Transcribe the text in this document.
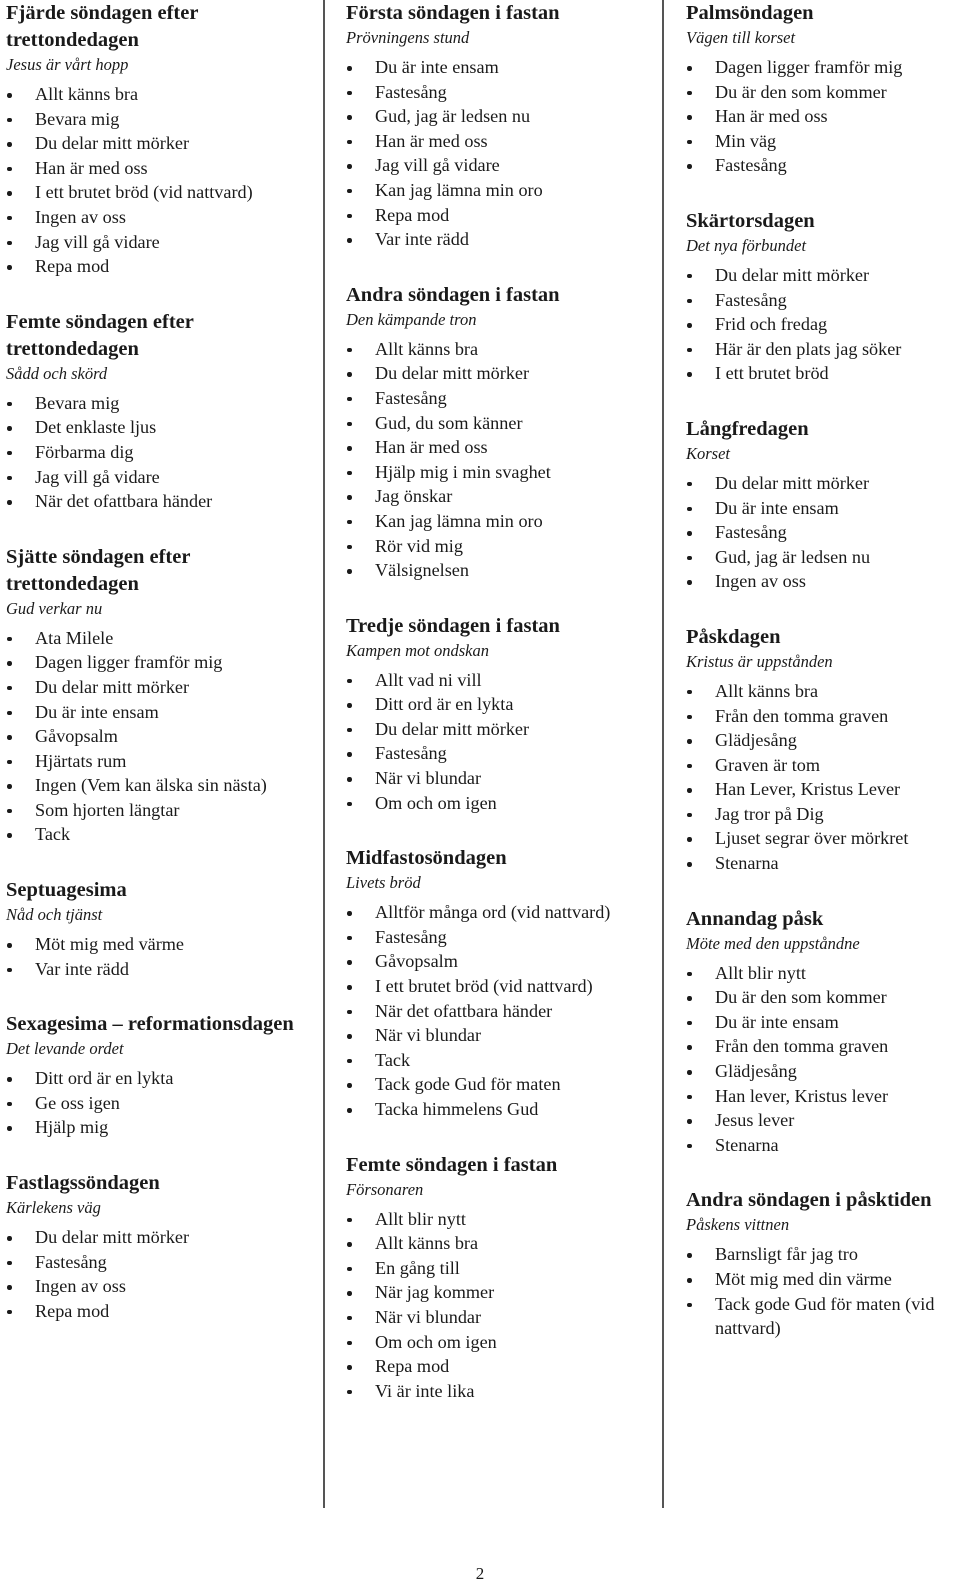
Fjärde söndagen efter trettondedagen
Jesus är vårt hopp
Allt känns bra
Bevara mig
Du delar mitt mörker
Han är med oss
I ett brutet bröd (vid nattvard)
Ingen av oss
Jag vill gå vidare
Repa mod
Femte söndagen efter trettondedagen
Sådd och skörd
Bevara mig
Det enklaste ljus
Förbarma dig
Jag vill gå vidare
När det ofattbara händer
Sjätte söndagen efter trettondedagen
Gud verkar nu
Ata Milele
Dagen ligger framför mig
Du delar mitt mörker
Du är inte ensam
Gåvopsalm
Hjärtats rum
Ingen (Vem kan älska sin nästa)
Som hjorten längtar
Tack
Septuagesima
Nåd och tjänst
Möt mig med värme
Var inte rädd
Sexagesima – reformationsdagen
Det levande ordet
Ditt ord är en lykta
Ge oss igen
Hjälp mig
Fastlagssöndagen
Kärlekens väg
Du delar mitt mörker
Fastesång
Ingen av oss
Repa mod
Första söndagen i fastan
Prövningens stund
Du är inte ensam
Fastesång
Gud, jag är ledsen nu
Han är med oss
Jag vill gå vidare
Kan jag lämna min oro
Repa mod
Var inte rädd
Andra söndagen i fastan
Den kämpande tron
Allt känns bra
Du delar mitt mörker
Fastesång
Gud, du som känner
Han är med oss
Hjälp mig i min svaghet
Jag önskar
Kan jag lämna min oro
Rör vid mig
Välsignelsen
Tredje söndagen i fastan
Kampen mot ondskan
Allt vad ni vill
Ditt ord är en lykta
Du delar mitt mörker
Fastesång
När vi blundar
Om och om igen
Midfastosöndagen
Livets bröd
Alltför många ord (vid nattvard)
Fastesång
Gåvopsalm
I ett brutet bröd (vid nattvard)
När det ofattbara händer
När vi blundar
Tack
Tack gode Gud för maten
Tacka himmelens Gud
Femte söndagen i fastan
Försonaren
Allt blir nytt
Allt känns bra
En gång till
När jag kommer
När vi blundar
Om och om igen
Repa mod
Vi är inte lika
Palmsöndagen
Vägen till korset
Dagen ligger framför mig
Du är den som kommer
Han är med oss
Min väg
Fastesång
Skärtorsdagen
Det nya förbundet
Du delar mitt mörker
Fastesång
Frid och fredag
Här är den plats jag söker
I ett brutet bröd
Långfredagen
Korset
Du delar mitt mörker
Du är inte ensam
Fastesång
Gud, jag är ledsen nu
Ingen av oss
Påskdagen
Kristus är uppstånden
Allt känns bra
Från den tomma graven
Glädjesång
Graven är tom
Han Lever, Kristus Lever
Jag tror på Dig
Ljuset segrar över mörkret
Stenarna
Annandag påsk
Möte med den uppståndne
Allt blir nytt
Du är den som kommer
Du är inte ensam
Från den tomma graven
Glädjesång
Han lever, Kristus lever
Jesus lever
Stenarna
Andra söndagen i påsktiden
Påskens vittnen
Barnsligt får jag tro
Möt mig med din värme
Tack gode Gud för maten (vid nattvard)
2
